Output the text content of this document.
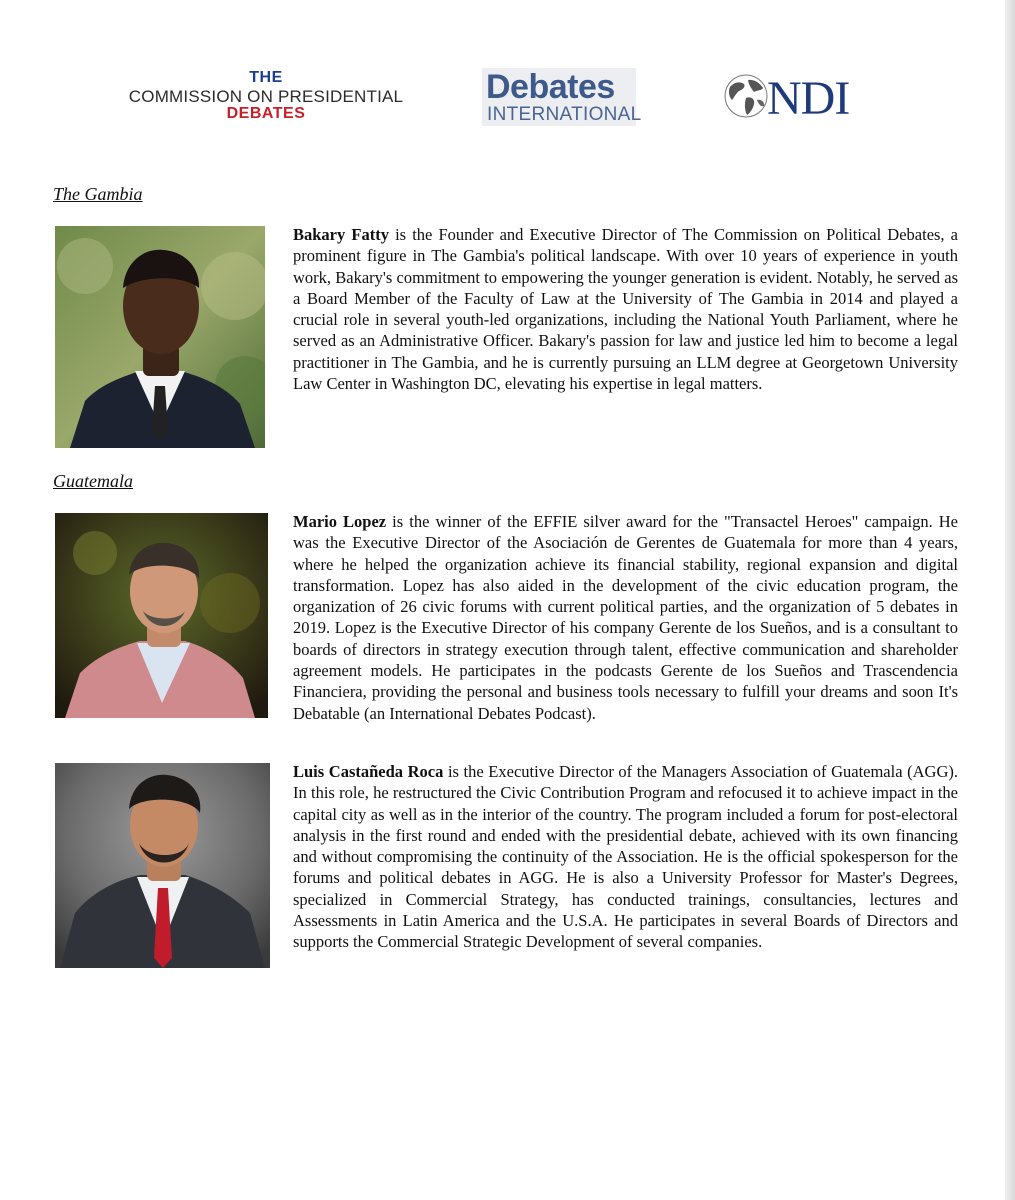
THE
COMMISSION ON PRESIDENTIAL
DEBATES
Debates
INTERNATIONAL	NDI
The Gambia

Bakary Fatty is the Founder and Executive Director of The Commission on Political Debates, a prominent figure in The Gambia's political landscape. With over 10 years of experience in youth work, Bakary's commitment to empowering the younger generation is evident. Notably, he served as a Board Member of the Faculty of Law at the University of The Gambia in 2014 and played a crucial role in several youth-led organizations, including the National Youth Parliament, where he served as an Administrative Officer. Bakary's passion for law and justice led him to become a legal practitioner in The Gambia, and he is currently pursuing an LLM degree at Georgetown University Law Center in Washington DC, elevating his expertise in legal matters.

Guatemala

Mario Lopez is the winner of the EFFIE silver award for the "Transactel Heroes" campaign. He was the Executive Director of the Asociación de Gerentes de Guatemala for more than 4 years, where he helped the organization achieve its financial stability, regional expansion and digital transformation. Lopez has also aided in the development of the civic education program, the organization of 26 civic forums with current political parties, and the organization of 5 debates in 2019. Lopez is the Executive Director of his company Gerente de los Sueños, and is a consultant to boards of directors in strategy execution through talent, effective communication and shareholder agreement models. He participates in the podcasts Gerente de los Sueños and Trascendencia Financiera, providing the personal and business tools necessary to fulfill your dreams and soon It's Debatable (an International Debates Podcast).

Luis Castañeda Roca is the Executive Director of the Managers Association of Guatemala (AGG). In this role, he restructured the Civic Contribution Program and refocused it to achieve impact in the capital city as well as in the interior of the country. The program included a forum for post-electoral analysis in the first round and ended with the presidential debate, achieved with its own financing and without compromising the continuity of the Association. He is the official spokesperson for the forums and political debates in AGG. He is also a University Professor for Master's Degrees, specialized in Commercial Strategy, has conducted trainings, consultancies, lectures and Assessments in Latin America and the U.S.A. He participates in several Boards of Directors and supports the Commercial Strategic Development of several companies.
